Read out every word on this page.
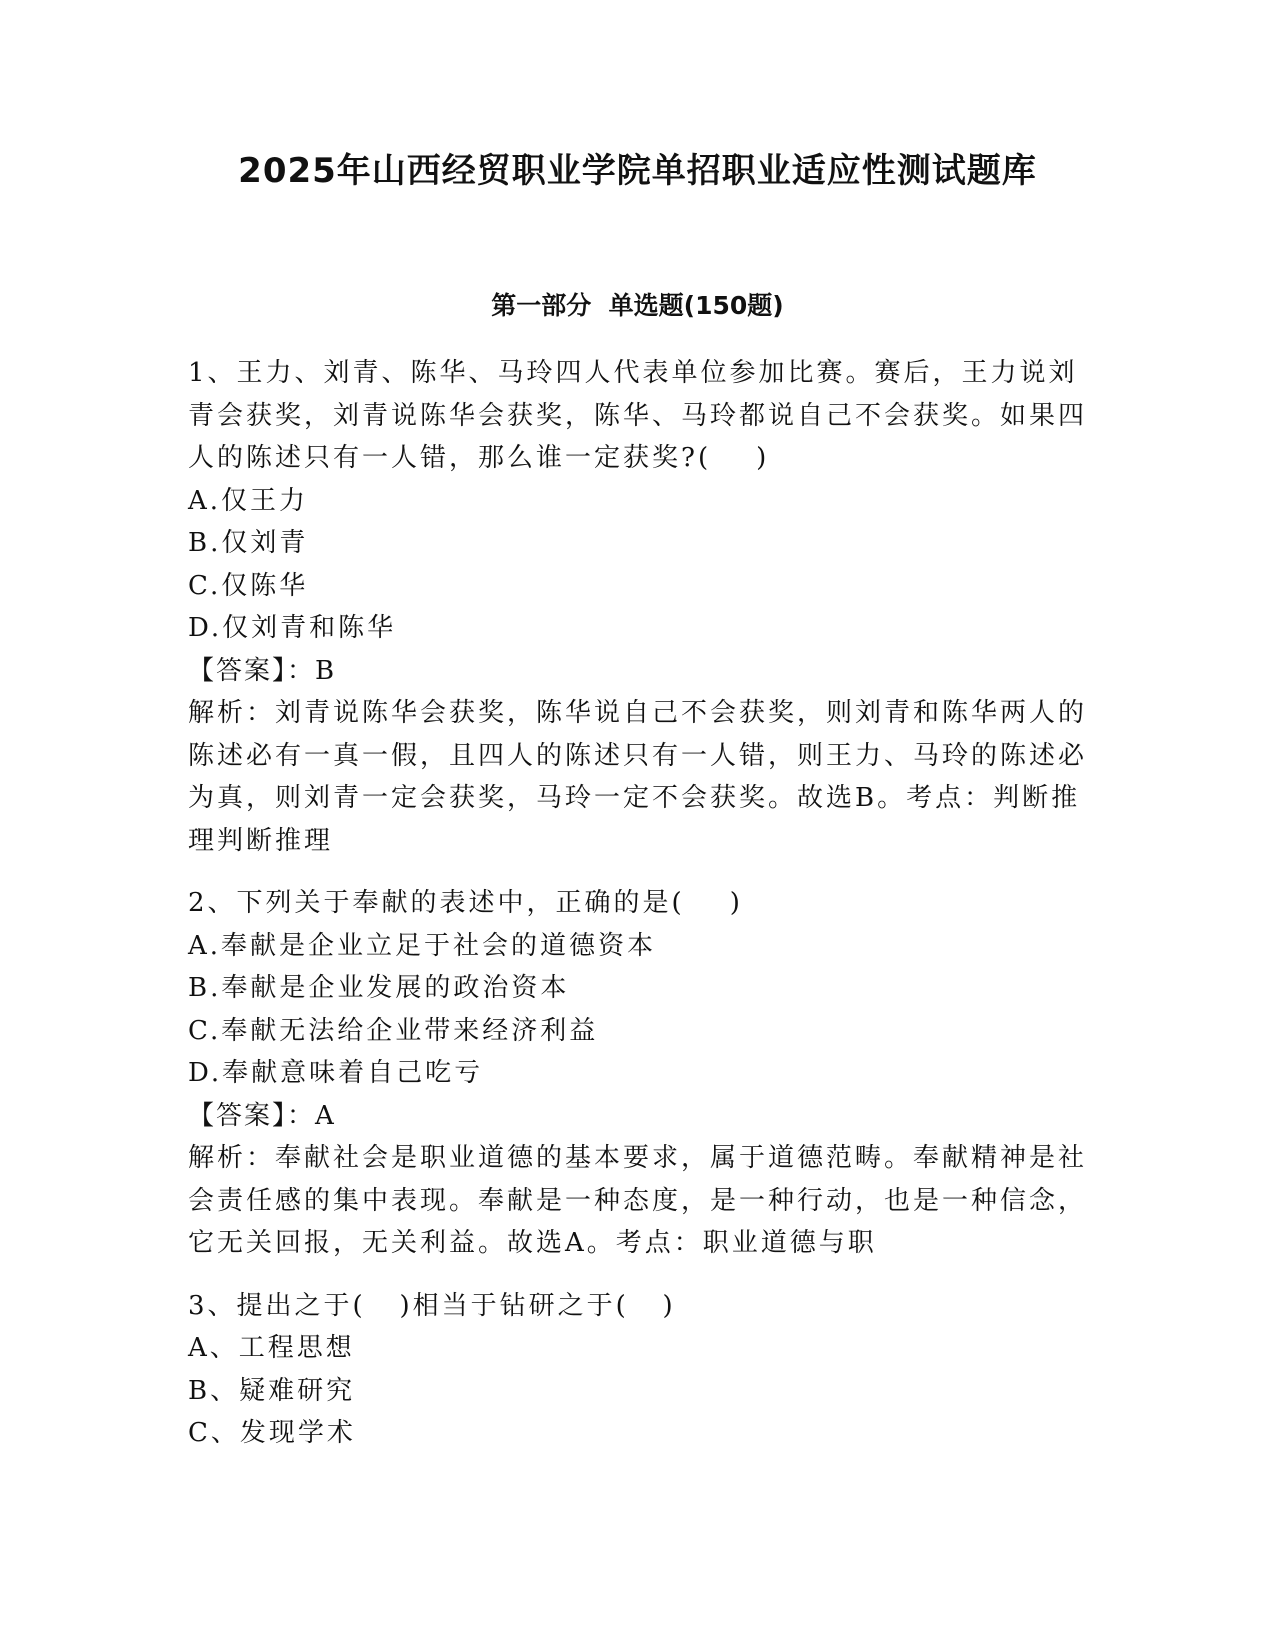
2025年山西经贸职业学院单招职业适应性测试题库
第一部分  单选题(150题)

1、王力、刘青、陈华、马玲四人代表单位参加比赛。赛后，王力说刘青会获奖，刘青说陈华会获奖，陈华、马玲都说自己不会获奖。如果四人的陈述只有一人错，那么谁一定获奖?(    )

A.仅王力

B.仅刘青

C.仅陈华

D.仅刘青和陈华

【答案】：B

解析：刘青说陈华会获奖，陈华说自己不会获奖，则刘青和陈华两人的陈述必有一真一假，且四人的陈述只有一人错，则王力、马玲的陈述必为真，则刘青一定会获奖，马玲一定不会获奖。故选B。考点：判断推理判断推理

2、下列关于奉献的表述中，正确的是(    )

A.奉献是企业立足于社会的道德资本

B.奉献是企业发展的政治资本

C.奉献无法给企业带来经济利益

D.奉献意味着自己吃亏

【答案】：A

解析：奉献社会是职业道德的基本要求，属于道德范畴。奉献精神是社会责任感的集中表现。奉献是一种态度，是一种行动，也是一种信念，它无关回报，无关利益。故选A。考点：职业道德与职

3、提出之于(   )相当于钻研之于(   )

A、工程思想

B、疑难研究

C、发现学术
